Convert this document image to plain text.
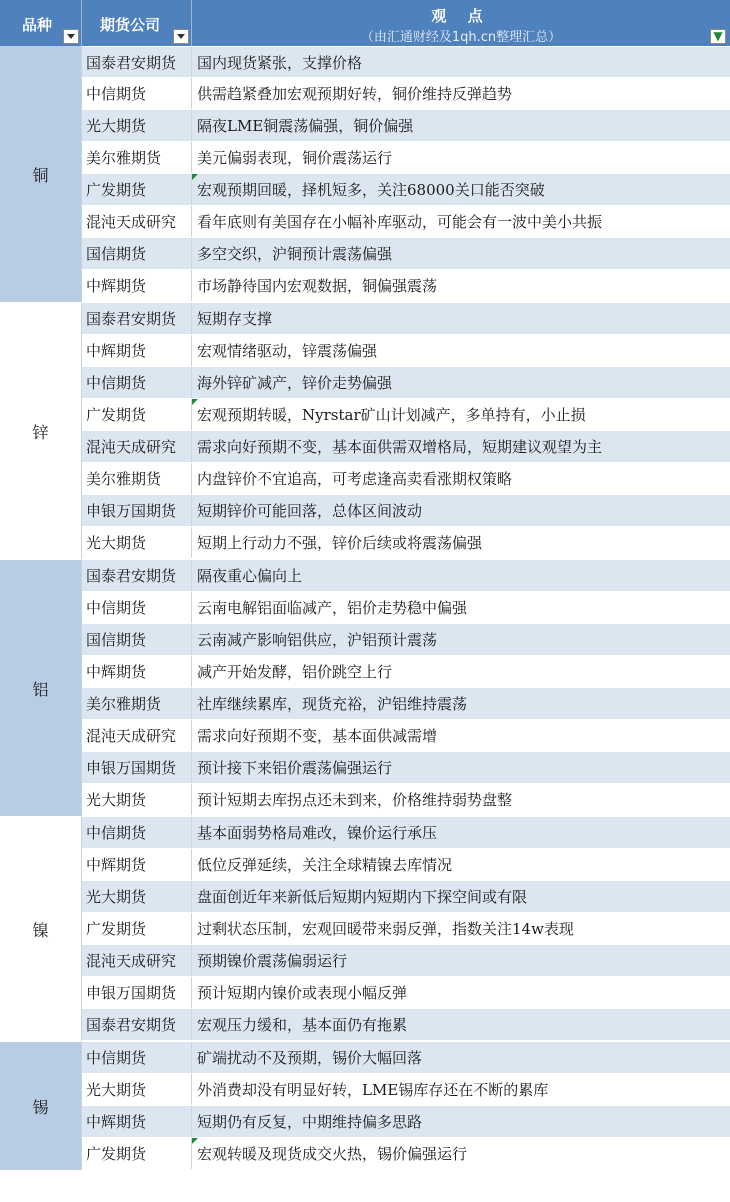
品种	期货公司	观 点
（由汇通财经及1qh.cn整理汇总）	▼
铜
国泰君安期货	国内现货紧张，支撑价格
中信期货	供需趋紧叠加宏观预期好转，铜价维持反弹趋势
光大期货	隔夜LME铜震荡偏强，铜价偏强
美尔雅期货	美元偏弱表现，铜价震荡运行
广发期货	宏观预期回暖，择机短多，关注68000关口能否突破
混沌天成研究	看年底则有美国存在小幅补库驱动，可能会有一波中美小共振
国信期货	多空交织，沪铜预计震荡偏强
中辉期货	市场静待国内宏观数据，铜偏强震荡
锌
国泰君安期货	短期存支撑
中辉期货	宏观情绪驱动，锌震荡偏强
中信期货	海外锌矿减产，锌价走势偏强
广发期货	宏观预期转暖，Nyrstar矿山计划减产，多单持有，小止损
混沌天成研究	需求向好预期不变，基本面供需双增格局，短期建议观望为主
美尔雅期货	内盘锌价不宜追高，可考虑逢高卖看涨期权策略
申银万国期货	短期锌价可能回落，总体区间波动
光大期货	短期上行动力不强，锌价后续或将震荡偏强
铝
国泰君安期货	隔夜重心偏向上
中信期货	云南电解铝面临减产，铝价走势稳中偏强
国信期货	云南减产影响铝供应，沪铝预计震荡
中辉期货	减产开始发酵，铝价跳空上行
美尔雅期货	社库继续累库，现货充裕，沪铝维持震荡
混沌天成研究	需求向好预期不变，基本面供减需增
申银万国期货	预计接下来铝价震荡偏强运行
光大期货	预计短期去库拐点还未到来，价格维持弱势盘整
镍
中信期货	基本面弱势格局难改，镍价运行承压
中辉期货	低位反弹延续，关注全球精镍去库情况
光大期货	盘面创近年来新低后短期内短期内下探空间或有限
广发期货	过剩状态压制，宏观回暖带来弱反弹，指数关注14w表现
混沌天成研究	预期镍价震荡偏弱运行
申银万国期货	预计短期内镍价或表现小幅反弹
国泰君安期货	宏观压力缓和，基本面仍有拖累
锡
中信期货	矿端扰动不及预期，锡价大幅回落
光大期货	外消费却没有明显好转，LME锡库存还在不断的累库
中辉期货	短期仍有反复，中期维持偏多思路
广发期货	宏观转暖及现货成交火热，锡价偏强运行
